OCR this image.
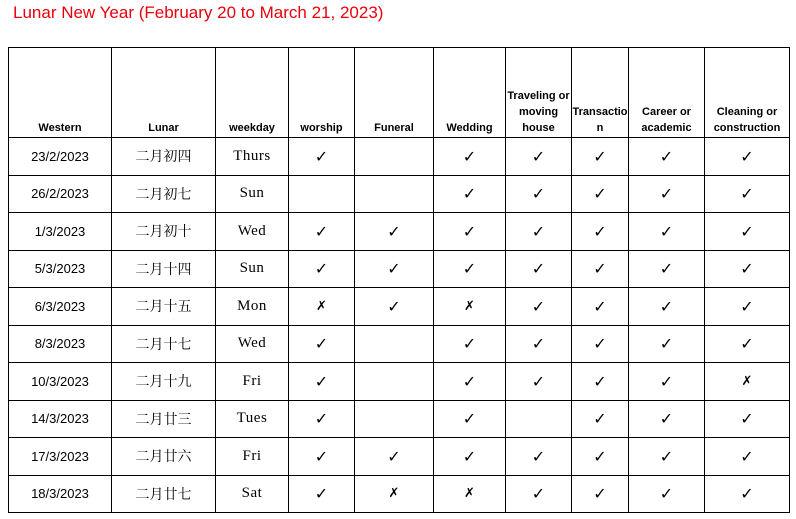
Lunar New Year (February 20 to March 21, 2023)
Western	Lunar	weekday	worship	Funeral	Wedding	Traveling or moving house	Transaction	Career or academic	Cleaning or construction

23/2/2023	二月初四	Thurs	✓		✓	✓	✓	✓	✓
26/2/2023	二月初七	Sun			✓	✓	✓	✓	✓
1/3/2023	二月初十	Wed	✓	✓	✓	✓	✓	✓	✓
5/3/2023	二月十四	Sun	✓	✓	✓	✓	✓	✓	✓
6/3/2023	二月十五	Mon	✗	✓	✗	✓	✓	✓	✓
8/3/2023	二月十七	Wed	✓		✓	✓	✓	✓	✓
10/3/2023	二月十九	Fri	✓		✓	✓	✓	✓	✗
14/3/2023	二月廿三	Tues	✓		✓		✓	✓	✓
17/3/2023	二月廿六	Fri	✓	✓	✓	✓	✓	✓	✓
18/3/2023	二月廿七	Sat	✓	✗	✗	✓	✓	✓	✓
